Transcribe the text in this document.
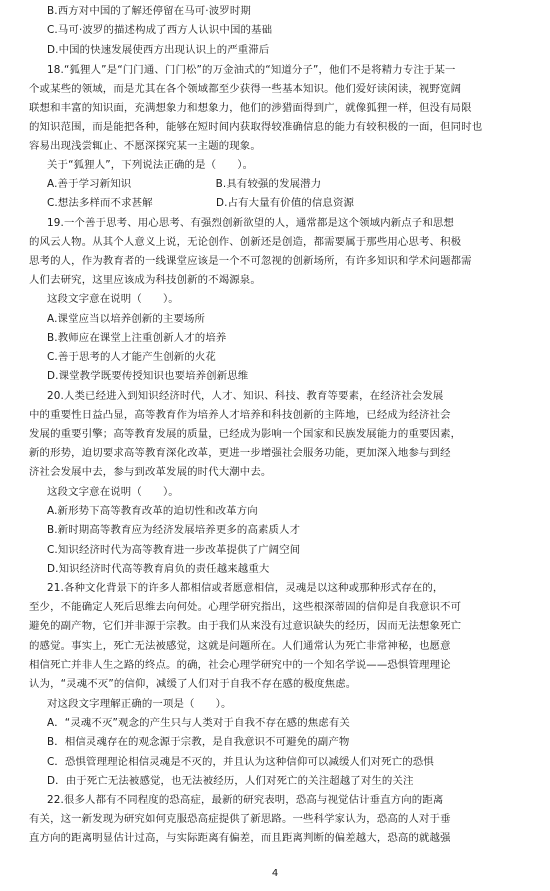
B.西方对中国的了解还停留在马可·波罗时期
C.马可·波罗的描述构成了西方人认识中国的基础
D.中国的快速发展使西方出现认识上的严重滞后
18.“狐狸人”是“门门通、门门松”的万金油式的“知道分子”，他们不是将精力专注于某一
个或某些的领域，而是尤其在各个领域都至少获得一些基本知识。他们爱好读闲读，视野宽阔
联想和丰富的知识面，充满想象力和想象力，他们的涉猎面得到广，就像狐狸一样，但没有局限
的知识范围，而是能把各种，能够在短时间内获取得较准确信息的能力有较积极的一面，但同时也
容易出现浅尝辄止、不愿深探究某一主题的现象。
关于“狐狸人”，下列说法正确的是（　　）。
A.善于学习新知识　　　　　　　　B.具有较强的发展潜力
C.想法多样而不求甚解　　　　　　D.占有大量有价值的信息资源
19.一个善于思考、用心思考、有强烈创新欲望的人，通常都是这个领域内新点子和思想
的风云人物。从其个人意义上说，无论创作、创新还是创造，都需要属于那些用心思考、积极
思考的人，作为教育者的一线课堂应该是一个不可忽视的创新场所，有许多知识和学术问题都需
人们去研究，这里应该成为科技创新的不竭源泉。
这段文字意在说明（　　）。
A.课堂应当以培养创新的主要场所
B.教师应在课堂上注重创新人才的培养
C.善于思考的人才能产生创新的火花
D.课堂教学既要传授知识也要培养创新思维
20.人类已经进入到知识经济时代，人才、知识、科技、教育等要素，在经济社会发展
中的重要性日益凸显，高等教育作为培养人才培养和科技创新的主阵地，已经成为经济社会
发展的重要引擎；高等教育发展的质量，已经成为影响一个国家和民族发展能力的重要因素，
新的形势，迫切要求高等教育深化改革，更进一步增强社会服务功能，更加深入地参与到经
济社会发展中去，参与到改革发展的时代大潮中去。
这段文字意在说明（　　）。
A.新形势下高等教育改革的迫切性和改革方向
B.新时期高等教育应为经济发展培养更多的高素质人才
C.知识经济时代为高等教育进一步改革提供了广阔空间
D.知识经济时代高等教育肩负的责任越来越重大
21.各种文化背景下的许多人都相信或者愿意相信，灵魂是以这种或那种形式存在的，
至少，不能确定人死后思维去向何处。心理学研究指出，这些根深蒂固的信仰是自我意识不可
避免的副产物，它们并非源于宗教。由于我们从来没有过意识缺失的经历，因而无法想象死亡
的感觉。事实上，死亡无法被感觉，这就是问题所在。人们通常认为死亡非常神秘，也愿意
相信死亡并非人生之路的终点。的确，社会心理学研究中的一个知名学说——恐惧管理理论
认为，“灵魂不灭”的信仰，减缓了人们对于自我不存在感的极度焦虑。
对这段文字理解正确的一项是（　　）。
A．“灵魂不灭”观念的产生只与人类对于自我不存在感的焦虑有关
B．相信灵魂存在的观念源于宗教，是自我意识不可避免的副产物
C．恐惧管理理论相信灵魂是不灭的，并且认为这种信仰可以减缓人们对死亡的恐惧
D．由于死亡无法被感觉，也无法被经历，人们对死亡的关注超越了对生的关注
22.很多人都有不同程度的恐高症，最新的研究表明，恐高与视觉估计垂直方向的距离
有关，这一新发现为研究如何克服恐高症提供了新思路。一些科学家认为，恐高的人对于垂
直方向的距离明显估计过高，与实际距离有偏差，而且距离判断的偏差越大，恐高的就越强
4
